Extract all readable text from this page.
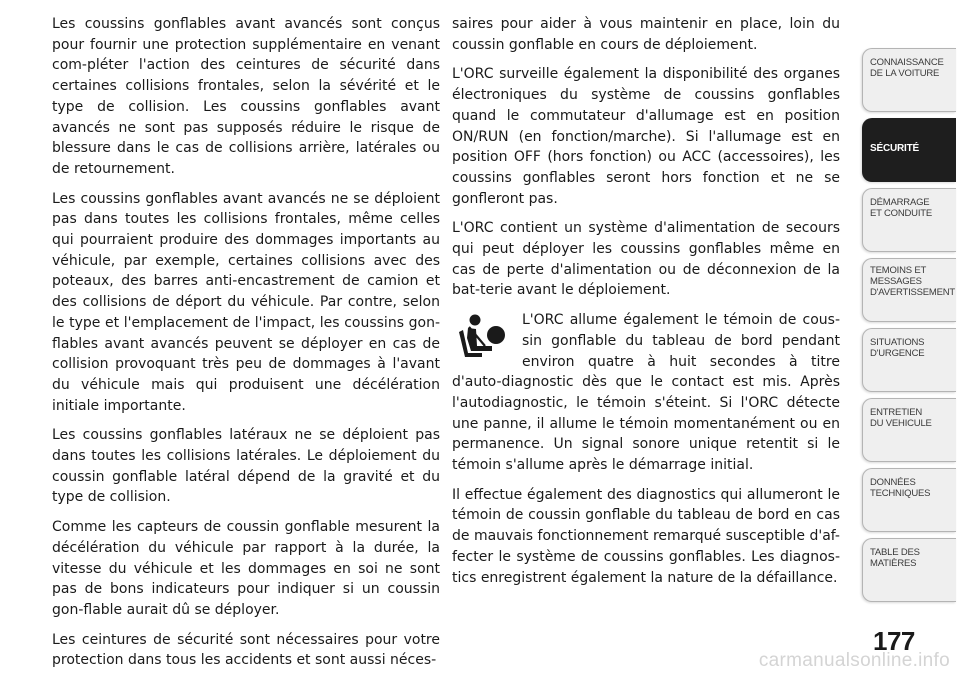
Les coussins gonflables avant avancés sont conçus pour fournir une protection supplémentaire en venant com-pléter l'action des ceintures de sécurité dans certaines collisions frontales, selon la sévérité et le type de collision. Les coussins gonflables avant avancés ne sont pas supposés réduire le risque de blessure dans le cas de collisions arrière, latérales ou de retournement.

Les coussins gonflables avant avancés ne se déploient pas dans toutes les collisions frontales, même celles qui pourraient produire des dommages importants au véhicule, par exemple, certaines collisions avec des poteaux, des barres anti-encastrement de camion et des collisions de déport du véhicule. Par contre, selon le type et l'emplacement de l'impact, les coussins gon-flables avant avancés peuvent se déployer en cas de collision provoquant très peu de dommages à l'avant du véhicule mais qui produisent une décélération initiale importante.

Les coussins gonflables latéraux ne se déploient pas dans toutes les collisions latérales. Le déploiement du coussin gonflable latéral dépend de la gravité et du type de collision.

Comme les capteurs de coussin gonflable mesurent la décélération du véhicule par rapport à la durée, la vitesse du véhicule et les dommages en soi ne sont pas de bons indicateurs pour indiquer si un coussin gon-flable aurait dû se déployer.

Les ceintures de sécurité sont nécessaires pour votre protection dans tous les accidents et sont aussi néces-

saires pour aider à vous maintenir en place, loin du coussin gonflable en cours de déploiement.

L'ORC surveille également la disponibilité des organes électroniques du système de coussins gonflables quand le commutateur d'allumage est en position ON/RUN (en fonction/marche). Si l'allumage est en position OFF (hors fonction) ou ACC (accessoires), les coussins gonflables seront hors fonction et ne se gonfleront pas.

L'ORC contient un système d'alimentation de secours qui peut déployer les coussins gonflables même en cas de perte d'alimentation ou de déconnexion de la bat-terie avant le déploiement.

L'ORC allume également le témoin de cous-sin gonflable du tableau de bord pendant environ quatre à huit secondes à titre d'auto-diagnostic dès que le contact est mis. Après l'autodiagnostic, le témoin s'éteint. Si l'ORC détecte une panne, il allume le témoin momentanément ou en permanence. Un signal sonore unique retentit si le témoin s'allume après le démarrage initial.

Il effectue également des diagnostics qui allumeront le témoin de coussin gonflable du tableau de bord en cas de mauvais fonctionnement remarqué susceptible d'af-fecter le système de coussins gonflables. Les diagnos-tics enregistrent également la nature de la défaillance.

CONNAISSANCE
DE LA VOITURE
SÉCURITÉ
DÉMARRAGE
ET CONDUITE
TEMOINS ET
MESSAGES
D'AVERTISSEMENT
SITUATIONS
D'URGENCE
ENTRETIEN
DU VEHICULE
DONNÉES
TECHNIQUES
TABLE DES
MATIÈRES
177
carmanualsonline.info
